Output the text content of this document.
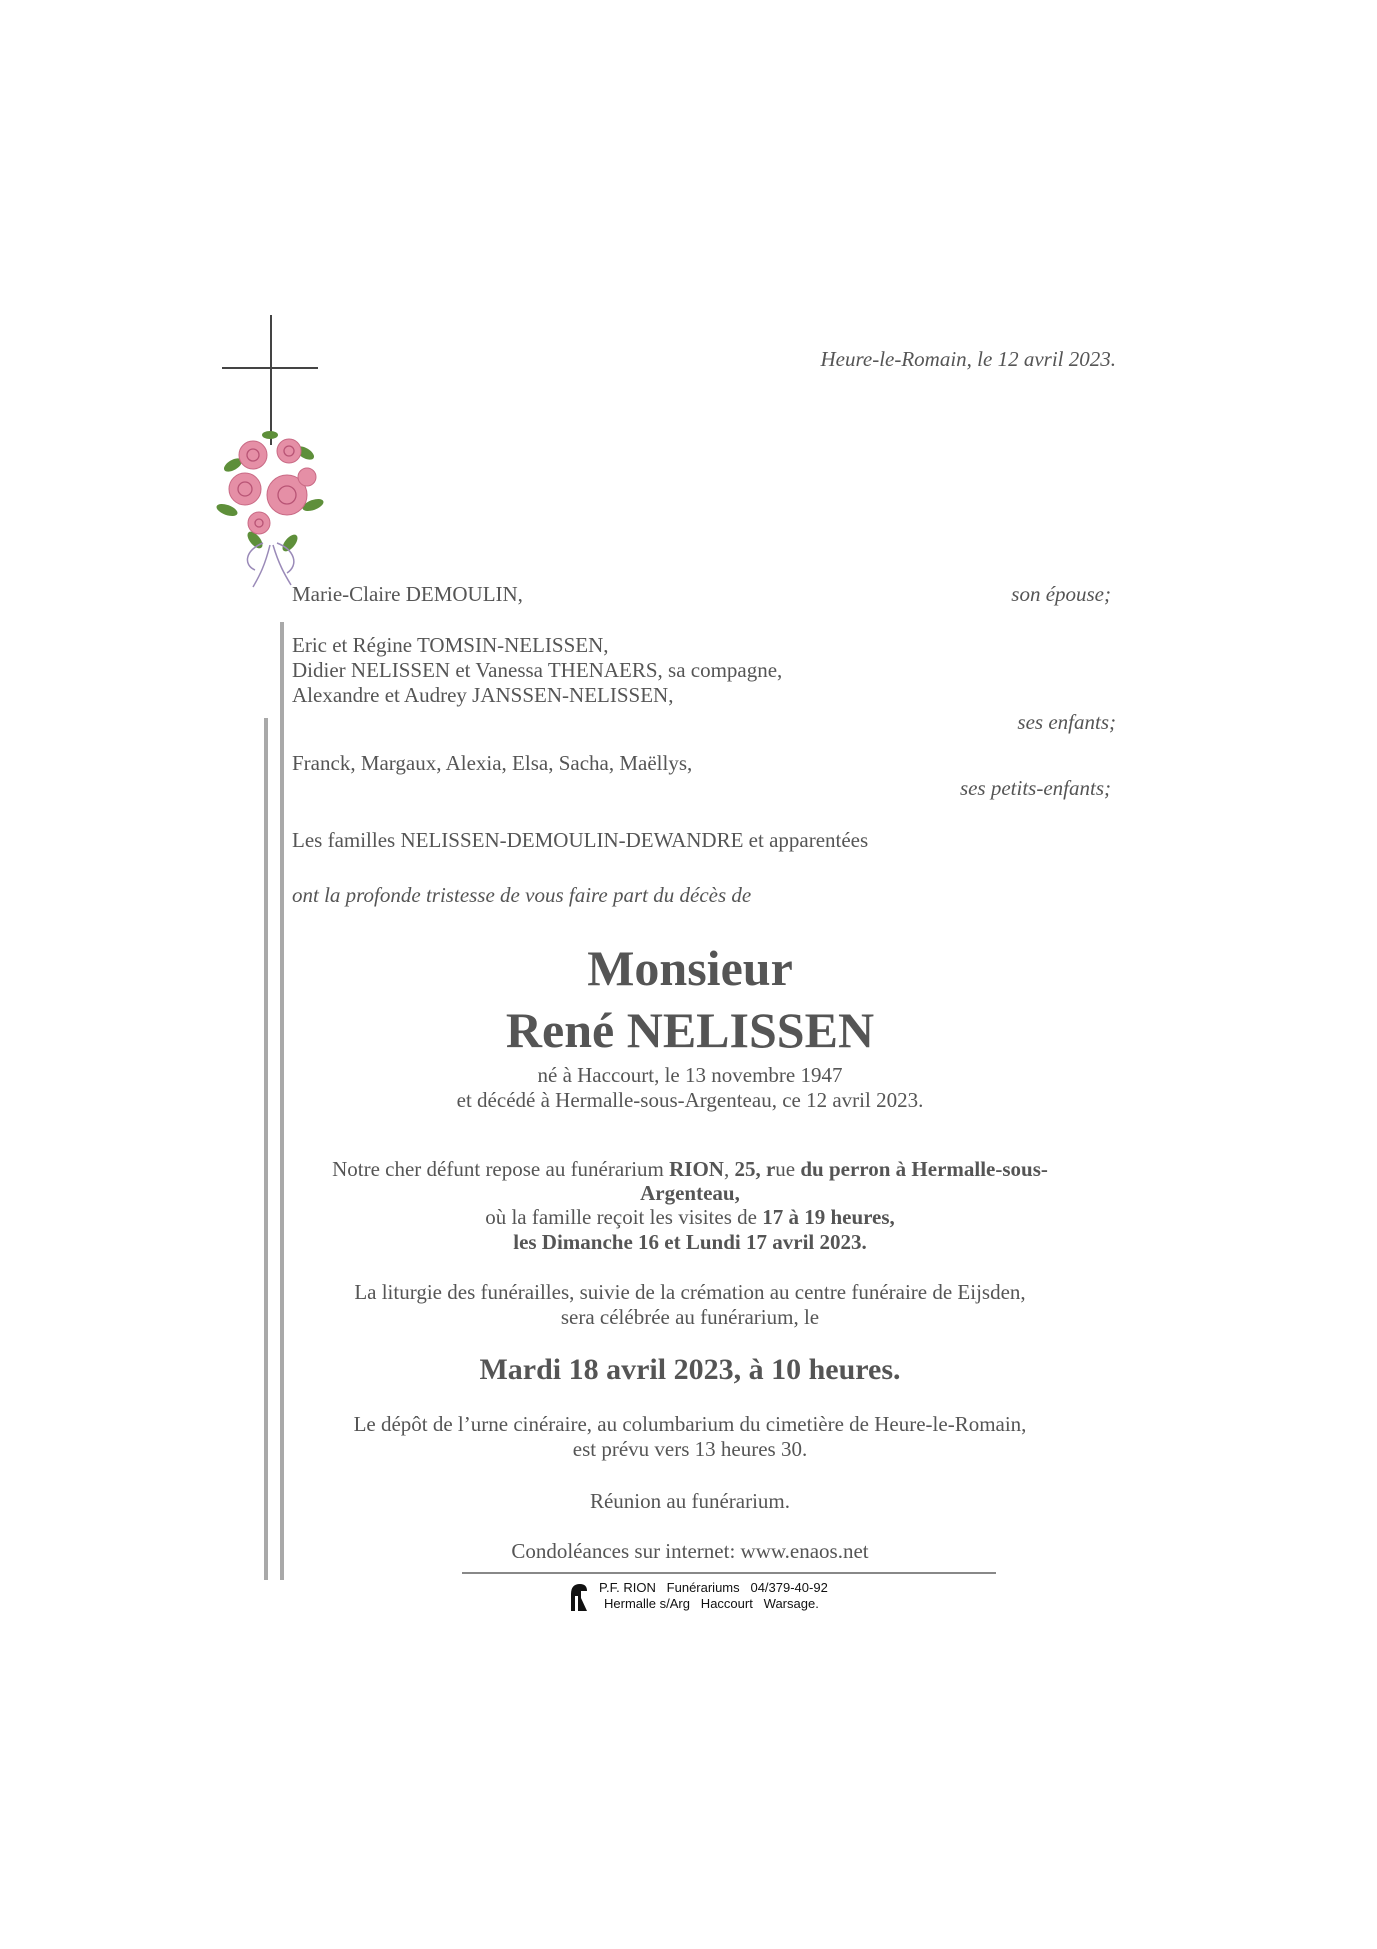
Heure-le-Romain, le 12 avril 2023.
Marie-Claire DEMOULIN,	son épouse;
Eric et Régine TOMSIN-NELISSEN,
Didier NELISSEN et Vanessa THENAERS, sa compagne,
Alexandre et Audrey JANSSEN-NELISSEN,
ses enfants;
Franck, Margaux, Alexia, Elsa, Sacha, Maëllys,
ses petits-enfants;
Les familles NELISSEN-DEMOULIN-DEWANDRE et apparentées
ont la profonde tristesse de vous faire part du décès de
Monsieur
René NELISSEN
né à Haccourt, le 13 novembre 1947
et décédé à Hermalle-sous-Argenteau, ce 12 avril 2023.
Notre cher défunt repose au funérarium RION, 25, rue du perron à Hermalle-sous-
Argenteau,
où la famille reçoit les visites de 17 à 19 heures,
les Dimanche 16 et Lundi 17 avril 2023.
La liturgie des funérailles, suivie de la crémation au centre funéraire de Eijsden,
sera célébrée au funérarium, le
Mardi 18 avril 2023, à 10 heures.
Le dépôt de l’urne cinéraire, au columbarium du cimetière de Heure-le-Romain,
est prévu vers 13 heures 30.
Réunion au funérarium.
Condoléances sur internet: www.enaos.net
P.F. RION   Funérariums   04/379-40-92
Hermalle s/Arg   Haccourt   Warsage.
